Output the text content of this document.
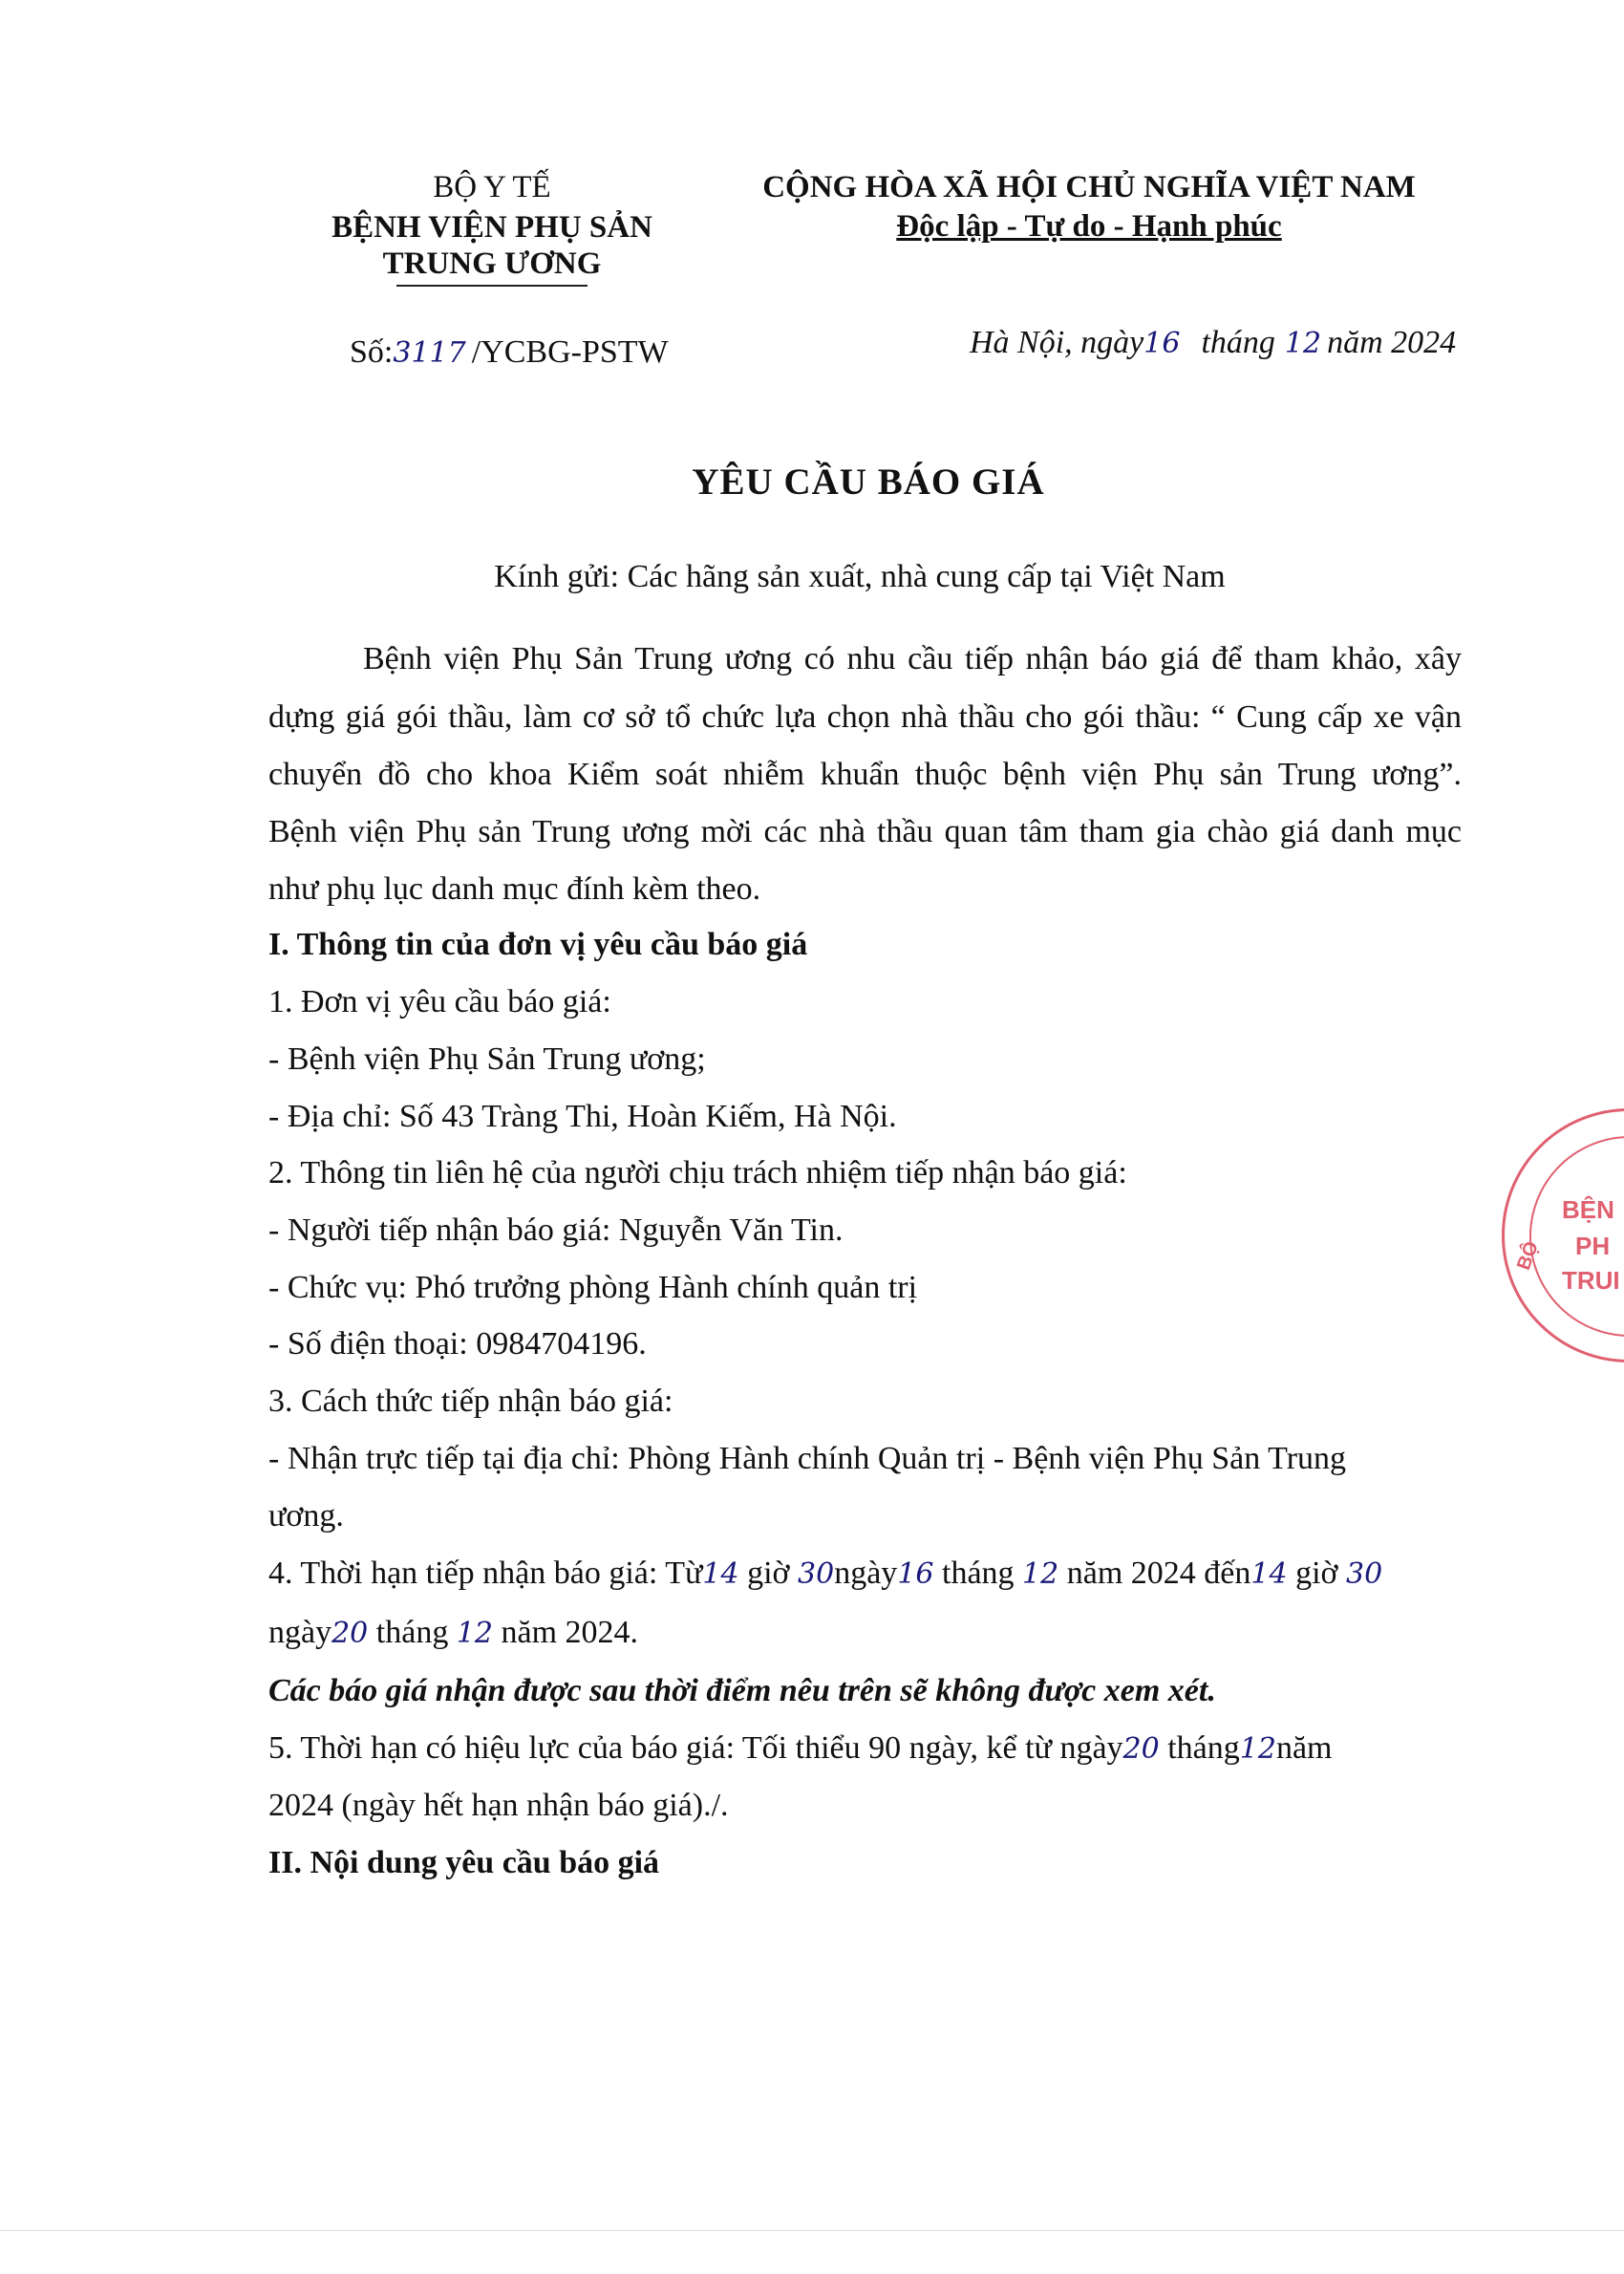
BỘ Y TẾ
BỆNH VIỆN PHỤ SẢN
TRUNG ƯƠNG
CỘNG HÒA XÃ HỘI CHỦ NGHĨA VIỆT NAM
Độc lập - Tự do - Hạnh phúc
Số:3117 /YCBG-PSTW	Hà Nội, ngày16 tháng 12 năm 2024
YÊU CẦU BÁO GIÁ
Kính gửi: Các hãng sản xuất, nhà cung cấp tại Việt Nam
Bệnh viện Phụ Sản Trung ương có nhu cầu tiếp nhận báo giá để tham khảo, xây
dựng giá gói thầu, làm cơ sở tổ chức lựa chọn nhà thầu cho gói thầu: “ Cung cấp xe vận
chuyển đồ cho khoa Kiểm soát nhiễm khuẩn thuộc bệnh viện Phụ sản Trung ương”.
Bệnh viện Phụ sản Trung ương mời các nhà thầu quan tâm tham gia chào giá danh mục
như phụ lục danh mục đính kèm theo.
I. Thông tin của đơn vị yêu cầu báo giá
1. Đơn vị yêu cầu báo giá:
- Bệnh viện Phụ Sản Trung ương;
- Địa chỉ: Số 43 Tràng Thi, Hoàn Kiếm, Hà Nội.
2. Thông tin liên hệ của người chịu trách nhiệm tiếp nhận báo giá:
- Người tiếp nhận báo giá: Nguyễn Văn Tin.
- Chức vụ: Phó trưởng phòng Hành chính quản trị
- Số điện thoại: 0984704196.
3. Cách thức tiếp nhận báo giá:
- Nhận trực tiếp tại địa chỉ: Phòng Hành chính Quản trị - Bệnh viện Phụ Sản Trung
ương.
4. Thời hạn tiếp nhận báo giá: Từ14 giờ 30ngày16 tháng 12 năm 2024 đến14 giờ 30
ngày20 tháng 12 năm 2024.
Các báo giá nhận được sau thời điểm nêu trên sẽ không được xem xét.
5. Thời hạn có hiệu lực của báo giá: Tối thiểu 90 ngày, kể từ ngày20 tháng12năm
2024 (ngày hết hạn nhận báo giá)./.
II. Nội dung yêu cầu báo giá
BỆN
PH
TRUI
BỘ
